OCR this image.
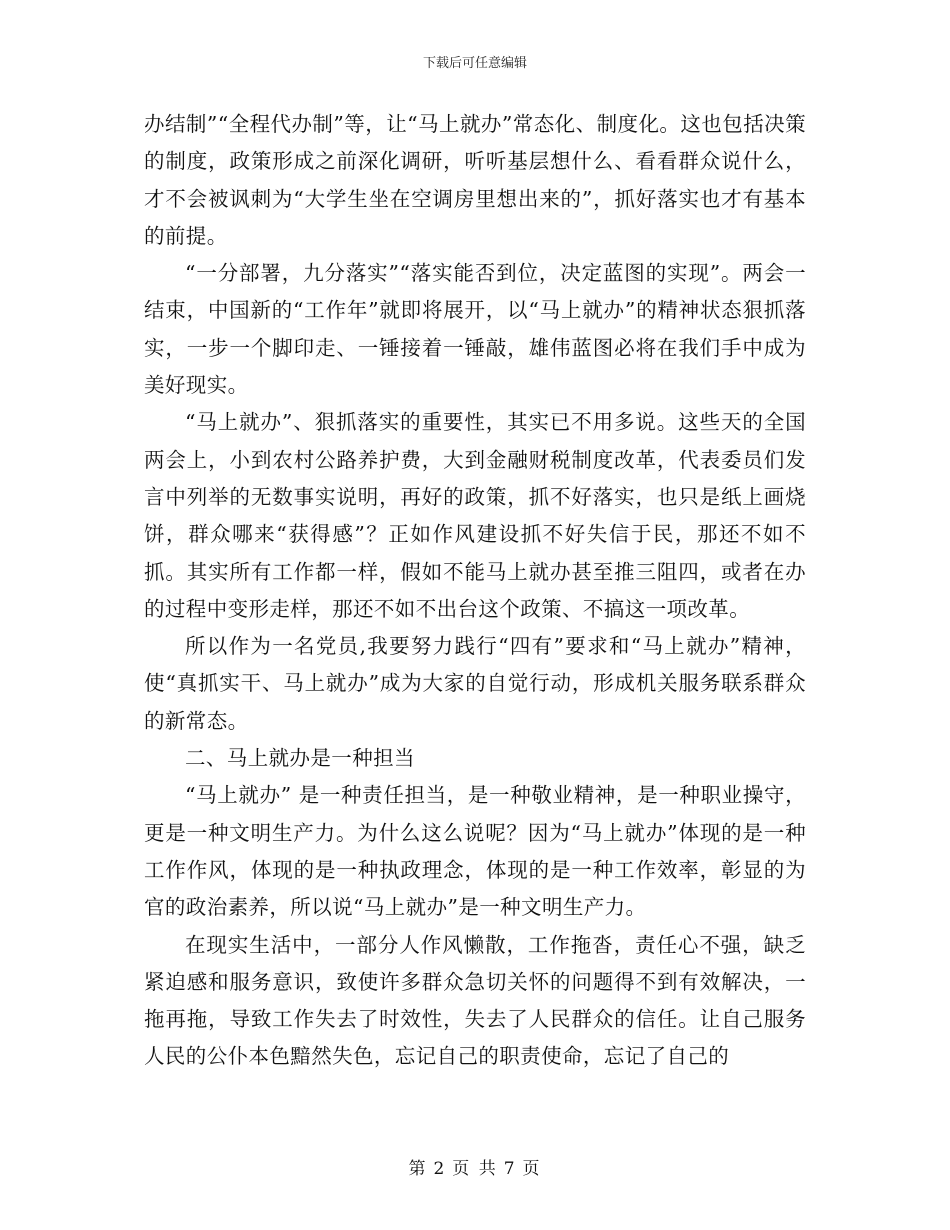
下载后可任意编辑

办结制”“全程代办制”等，让“马上就办”常态化、制度化。这也包括决策的制度，政策形成之前深化调研，听听基层想什么、看看群众说什么，才不会被讽刺为“大学生坐在空调房里想出来的”，抓好落实也才有基本的前提。

“一分部署，九分落实”“落实能否到位，决定蓝图的实现”。两会一结束，中国新的“工作年”就即将展开，以“马上就办”的精神状态狠抓落实，一步一个脚印走、一锤接着一锤敲，雄伟蓝图必将在我们手中成为美好现实。

“马上就办”、狠抓落实的重要性，其实已不用多说。这些天的全国两会上，小到农村公路养护费，大到金融财税制度改革，代表委员们发言中列举的无数事实说明，再好的政策，抓不好落实，也只是纸上画烧饼，群众哪来“获得感”？正如作风建设抓不好失信于民，那还不如不抓。其实所有工作都一样，假如不能马上就办甚至推三阻四，或者在办的过程中变形走样，那还不如不出台这个政策、不搞这一项改革。

所以作为一名党员,我要努力践行“四有”要求和“马上就办”精神，使“真抓实干、马上就办”成为大家的自觉行动，形成机关服务联系群众的新常态。

二、马上就办是一种担当

“马上就办” 是一种责任担当，是一种敬业精神，是一种职业操守，更是一种文明生产力。为什么这么说呢？因为“马上就办”体现的是一种工作作风，体现的是一种执政理念，体现的是一种工作效率，彰显的为官的政治素养，所以说“马上就办”是一种文明生产力。

在现实生活中，一部分人作风懒散，工作拖沓，责任心不强，缺乏紧迫感和服务意识，致使许多群众急切关怀的问题得不到有效解决，一拖再拖，导致工作失去了时效性，失去了人民群众的信任。让自己服务人民的公仆本色黯然失色，忘记自己的职责使命，忘记了自己的

第 2 页 共 7 页
